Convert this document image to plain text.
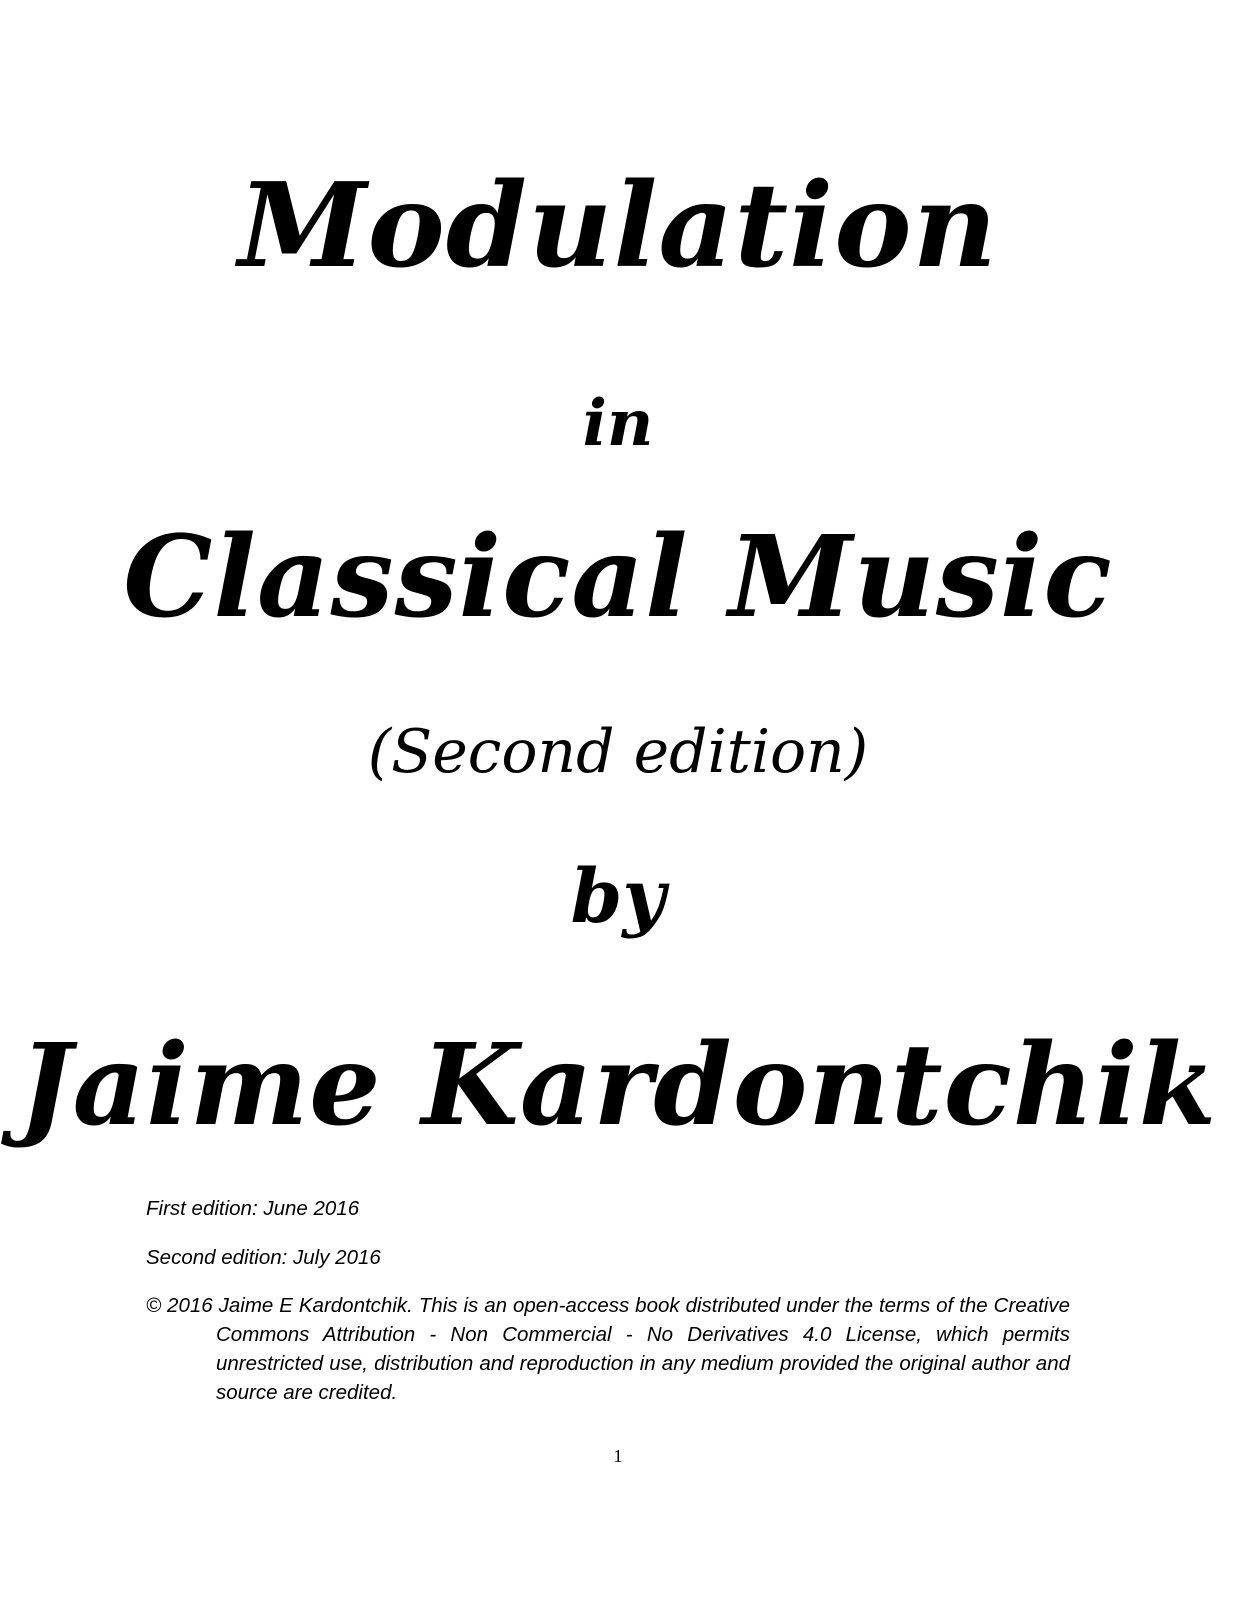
Modulation
in
Classical Music
(Second edition)
by
Jaime Kardontchik

First edition: June 2016

Second edition: July 2016

© 2016 Jaime E Kardontchik. This is an open-access book distributed under the terms of the Creative Commons Attribution - Non Commercial - No Derivatives 4.0 License, which permits unrestricted use, distribution and reproduction in any medium provided the original author and source are credited.

1
